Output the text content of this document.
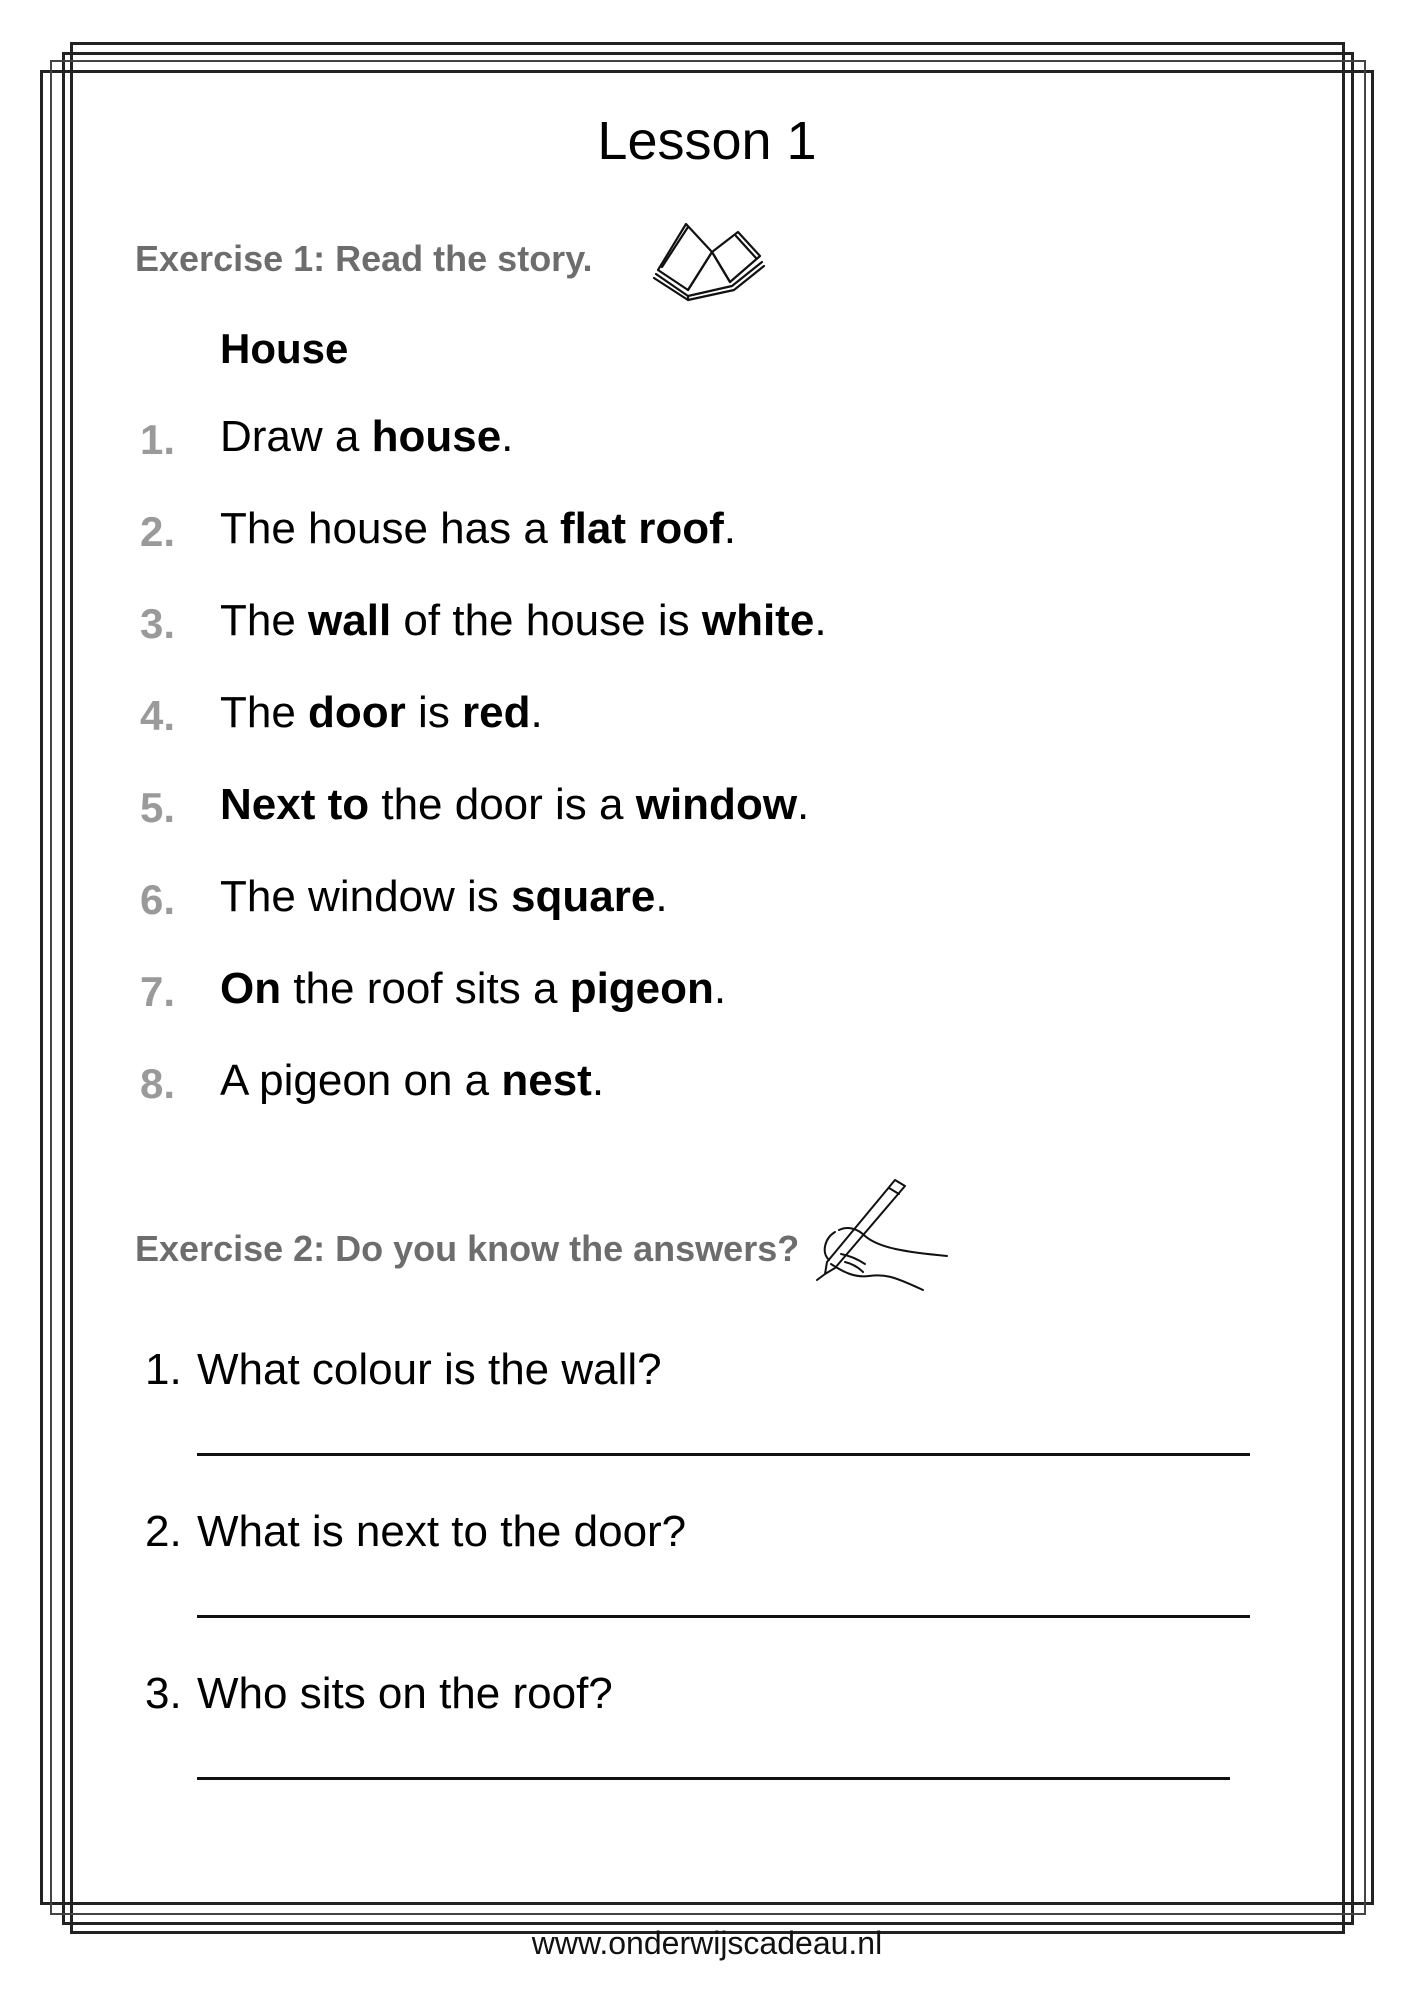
Lesson 1
Exercise 1: Read the story.
House
1. Draw a house.
2. The house has a flat roof.
3. The wall of the house is white.
4. The door is red.
5. Next to the door is a window.
6. The window is square.
7. On the roof sits a pigeon.
8. A pigeon on a nest.
Exercise 2: Do you know the answers?
1. What colour is the wall?
2. What is next to the door?
3. Who sits on the roof?
www.onderwijscadeau.nl
